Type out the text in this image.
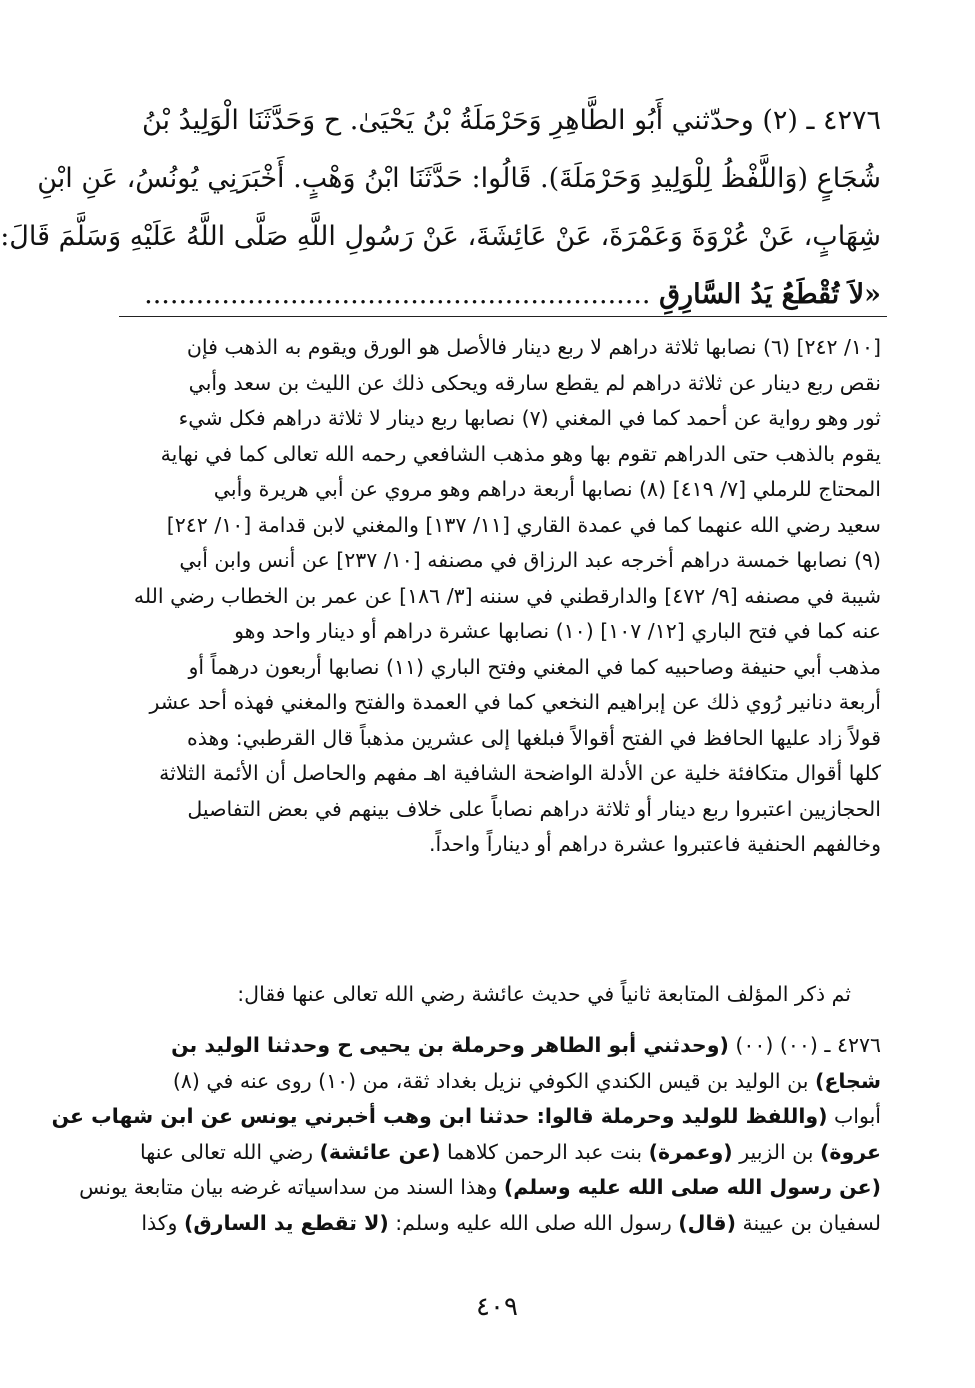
٤٢٧٦ ـ (٢) وحدّثني أَبُو الطَّاهِرِ وَحَرْمَلَةُ بْنُ يَحْيَىٰ. ح وَحَدَّثَنَا الْوَلِيدُ بْنُ
شُجَاعٍ (وَاللَّفْظُ لِلْوَلِيدِ وَحَرْمَلَةَ). قَالُوا: حَدَّثَنَا ابْنُ وَهْبٍ. أَخْبَرَنِي يُونُسُ، عَنِ ابْنِ
شِهَابٍ، عَنْ عُرْوَةَ وَعَمْرَةَ، عَنْ عَائِشَةَ، عَنْ رَسُولِ اللَّهِ صَلَّى اللَّهُ عَلَيْهِ وَسَلَّمَ قَالَ:
«لاَ تُقْطَعُ يَدُ السَّارِقِ ...........................................................
[١٠/ ٢٤٢] (٦) نصابها ثلاثة دراهم لا ربع دينار فالأصل هو الورق ويقوم به الذهب فإن
نقص ربع دينار عن ثلاثة دراهم لم يقطع سارقه ويحكى ذلك عن الليث بن سعد وأبي
ثور وهو رواية عن أحمد كما في المغني (٧) نصابها ربع دينار لا ثلاثة دراهم فكل شيء
يقوم بالذهب حتى الدراهم تقوم بها وهو مذهب الشافعي رحمه الله تعالى كما في نهاية
المحتاج للرملي [٧/ ٤١٩] (٨) نصابها أربعة دراهم وهو مروي عن أبي هريرة وأبي
سعيد رضي الله عنهما كما في عمدة القاري [١١/ ١٣٧] والمغني لابن قدامة [١٠/ ٢٤٢]
(٩) نصابها خمسة دراهم أخرجه عبد الرزاق في مصنفه [١٠/ ٢٣٧] عن أنس وابن أبي
شيبة في مصنفه [٩/ ٤٧٢] والدارقطني في سننه [٣/ ١٨٦] عن عمر بن الخطاب رضي الله
عنه كما في فتح الباري [١٢/ ١٠٧] (١٠) نصابها عشرة دراهم أو دينار واحد وهو
مذهب أبي حنيفة وصاحبيه كما في المغني وفتح الباري (١١) نصابها أربعون درهماً أو
أربعة دنانير رُوي ذلك عن إبراهيم النخعي كما في العمدة والفتح والمغني فهذه أحد عشر
قولاً زاد عليها الحافظ في الفتح أقوالاً فبلغها إلى عشرين مذهباً قال القرطبي: وهذه
كلها أقوال متكافئة خلية عن الأدلة الواضحة الشافية اهـ مفهم والحاصل أن الأئمة الثلاثة
الحجازيين اعتبروا ربع دينار أو ثلاثة دراهم نصاباً على خلاف بينهم في بعض التفاصيل
وخالفهم الحنفية فاعتبروا عشرة دراهم أو ديناراً واحداً.
ثم ذكر المؤلف المتابعة ثانياً في حديث عائشة رضي الله تعالى عنها فقال:
٤٢٧٦ ـ (٠٠) (٠٠) (وحدثني أبو الطاهر وحرملة بن يحيى ح وحدثنا الوليد بن
شجاع) بن الوليد بن قيس الكندي الكوفي نزيل بغداد ثقة، من (١٠) روى عنه في (٨)
أبواب (واللفظ للوليد وحرملة قالوا: حدثنا ابن وهب أخبرني يونس عن ابن شهاب عن
عروة) بن الزبير (وعمرة) بنت عبد الرحمن كلاهما (عن عائشة) رضي الله تعالى عنها
(عن رسول الله صلى الله عليه وسلم) وهذا السند من سداسياته غرضه بيان متابعة يونس
لسفيان بن عيينة (قال) رسول الله صلى الله عليه وسلم: (لا تقطع يد السارق) وكذا
٤٠٩
